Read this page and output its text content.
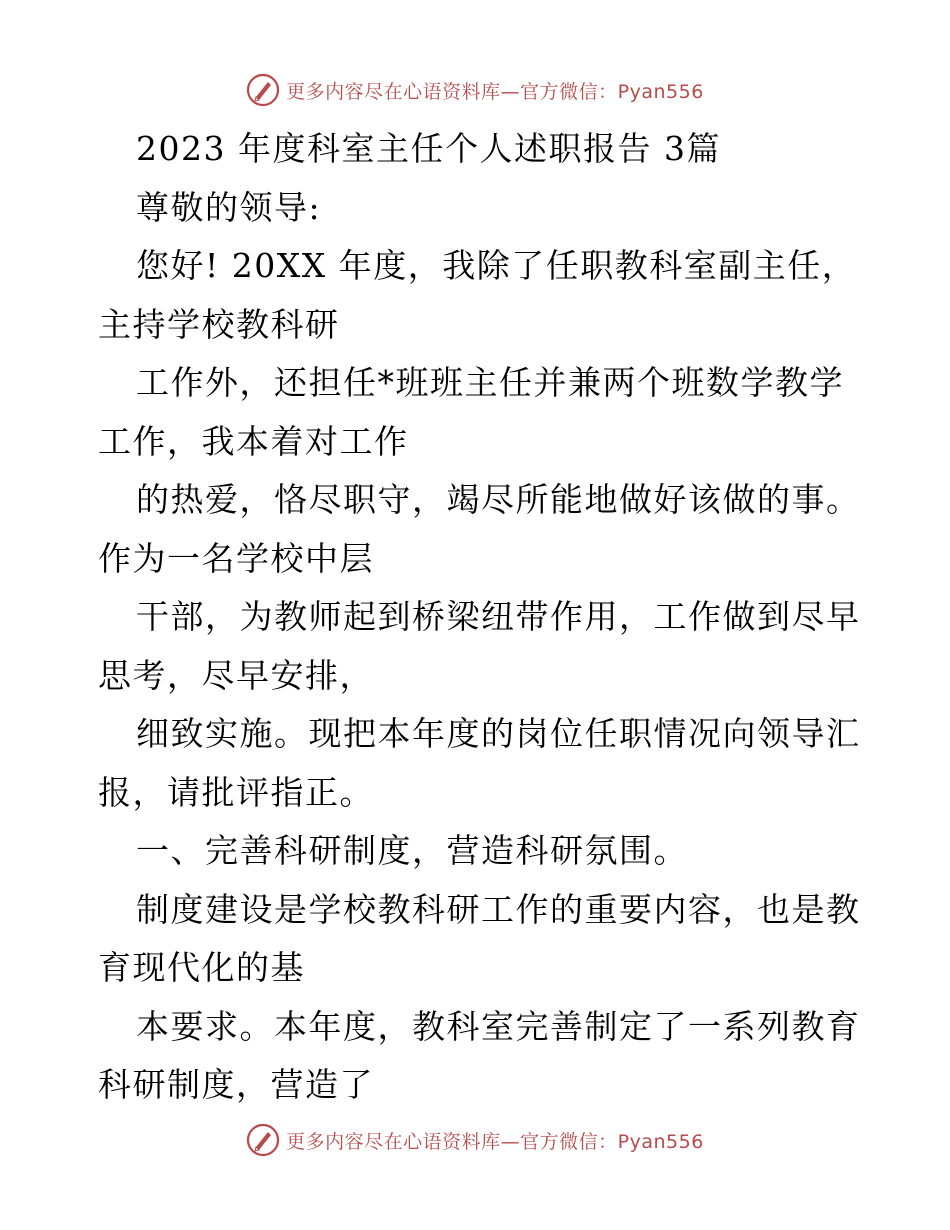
更多内容尽在心语资料库—官方微信：Pyan556
2023 年度科室主任个人述职报告 3篇
尊敬的领导:
您好! 20XX 年度，我除了任职教科室副主任，
主持学校教科研
工作外，还担任*班班主任并兼两个班数学教学
工作，我本着对工作
的热爱，恪尽职守，竭尽所能地做好该做的事。
作为一名学校中层
干部，为教师起到桥梁纽带作用，工作做到尽早
思考，尽早安排，
细致实施。现把本年度的岗位任职情况向领导汇
报，请批评指正。
一、完善科研制度，营造科研氛围。
制度建设是学校教科研工作的重要内容，也是教
育现代化的基
本要求。本年度，教科室完善制定了一系列教育
科研制度，营造了
更多内容尽在心语资料库—官方微信：Pyan556
